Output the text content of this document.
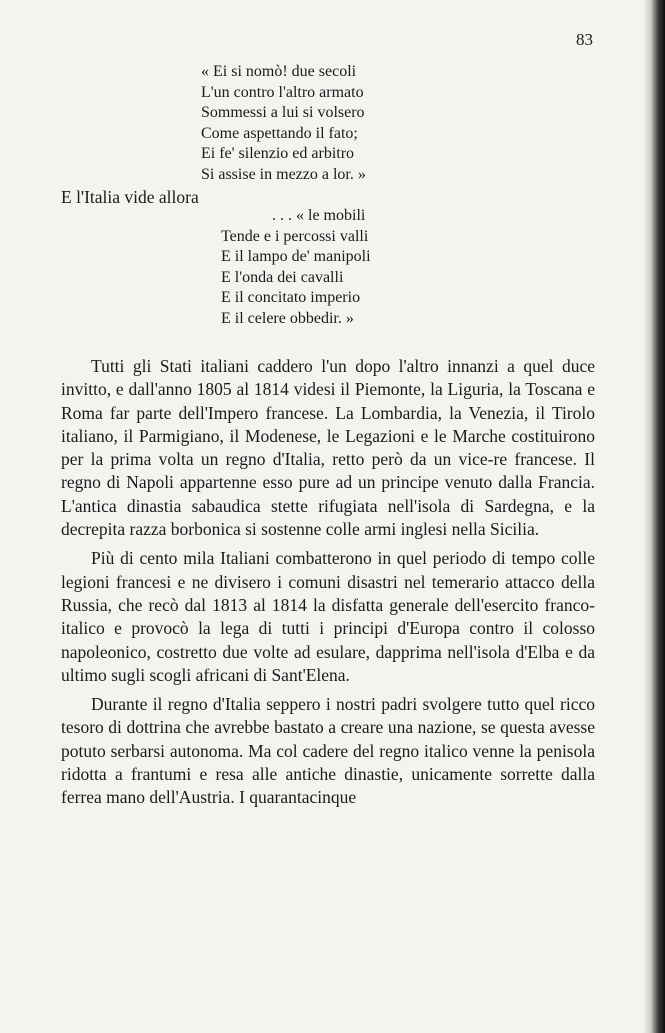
83
« Ei si nomò! due secoli
L'un contro l'altro armato
Sommessi a lui si volsero
Come aspettando il fato;
Ei fe' silenzio ed arbitro
Si assise in mezzo a lor. »
E l'Italia vide allora
. . . « le mobili
Tende e i percossi valli
E il lampo de' manipoli
E l'onda dei cavalli
E il concitato imperio
E il celere obbedir. »

Tutti gli Stati italiani caddero l'un dopo l'altro innanzi a quel duce invitto, e dall'anno 1805 al 1814 videsi il Piemonte, la Liguria, la Toscana e Roma far parte dell'Impero francese. La Lombardia, la Venezia, il Tirolo italiano, il Parmigiano, il Modenese, le Legazioni e le Marche costituirono per la prima volta un regno d'Italia, retto però da un vice-re francese. Il regno di Napoli appartenne esso pure ad un principe venuto dalla Francia. L'antica dinastia sabaudica stette rifugiata nell'isola di Sardegna, e la decrepita razza borbonica si sostenne colle armi inglesi nella Sicilia.

Più di cento mila Italiani combatterono in quel periodo di tempo colle legioni francesi e ne divisero i comuni disastri nel temerario attacco della Russia, che recò dal 1813 al 1814 la disfatta generale dell'esercito franco-italico e provocò la lega di tutti i principi d'Europa contro il colosso napoleonico, costretto due volte ad esulare, dapprima nell'isola d'Elba e da ultimo sugli scogli africani di Sant'Elena.

Durante il regno d'Italia seppero i nostri padri svolgere tutto quel ricco tesoro di dottrina che avrebbe bastato a creare una nazione, se questa avesse potuto serbarsi autonoma. Ma col cadere del regno italico venne la penisola ridotta a frantumi e resa alle antiche dinastie, unicamente sorrette dalla ferrea mano dell'Austria. I quarantacinque
